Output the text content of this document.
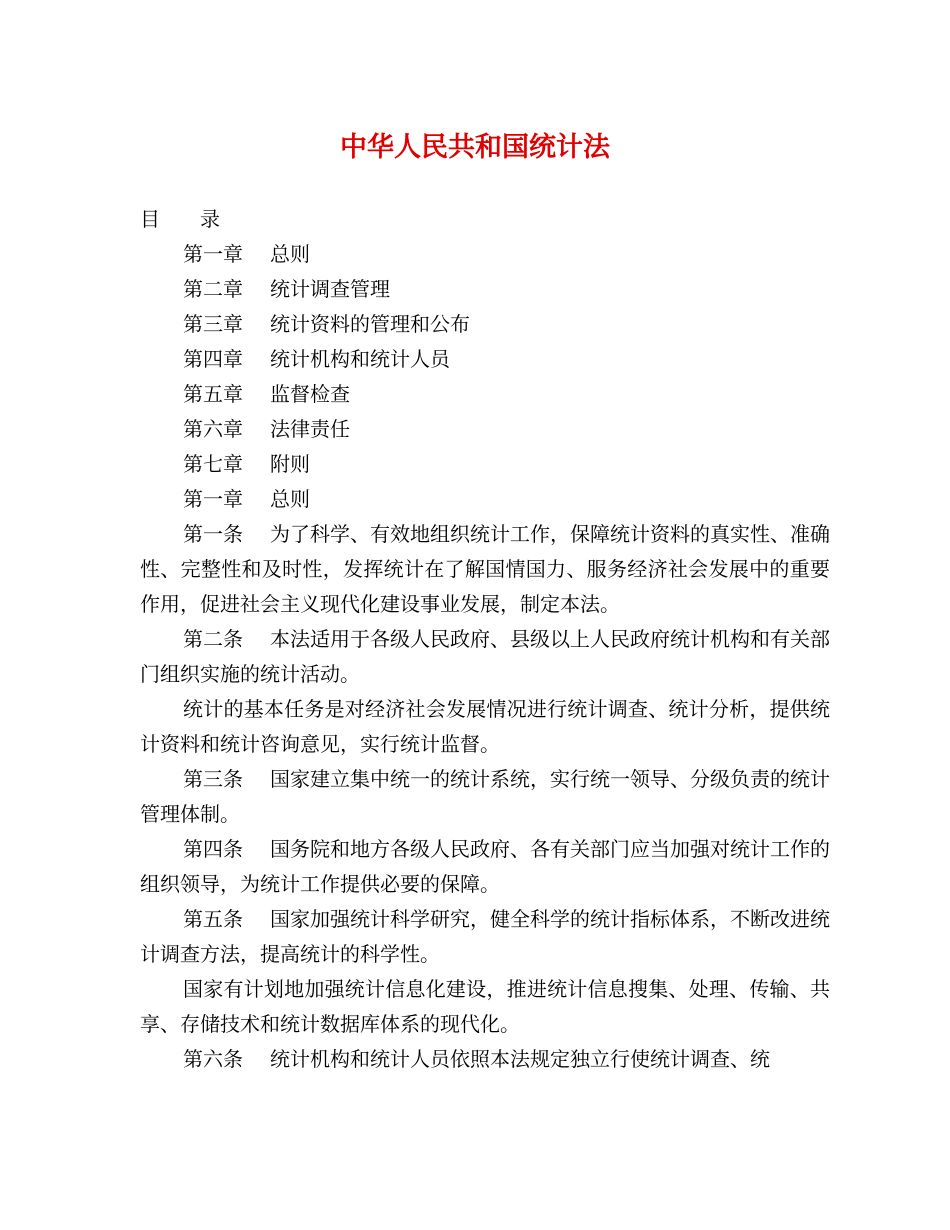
中华人民共和国统计法
目　　录
第一章 总则
第二章 统计调查管理
第三章 统计资料的管理和公布
第四章 统计机构和统计人员
第五章 监督检查
第六章 法律责任
第七章 附则
第一章 总则

第一条 为了科学、有效地组织统计工作，保障统计资料的真实性、准确性、完整性和及时性，发挥统计在了解国情国力、服务经济社会发展中的重要作用，促进社会主义现代化建设事业发展，制定本法。

第二条 本法适用于各级人民政府、县级以上人民政府统计机构和有关部门组织实施的统计活动。

统计的基本任务是对经济社会发展情况进行统计调查、统计分析，提供统计资料和统计咨询意见，实行统计监督。

第三条 国家建立集中统一的统计系统，实行统一领导、分级负责的统计管理体制。

第四条 国务院和地方各级人民政府、各有关部门应当加强对统计工作的组织领导，为统计工作提供必要的保障。

第五条 国家加强统计科学研究，健全科学的统计指标体系，不断改进统计调查方法，提高统计的科学性。

国家有计划地加强统计信息化建设，推进统计信息搜集、处理、传输、共享、存储技术和统计数据库体系的现代化。

第六条 统计机构和统计人员依照本法规定独立行使统计调查、统
